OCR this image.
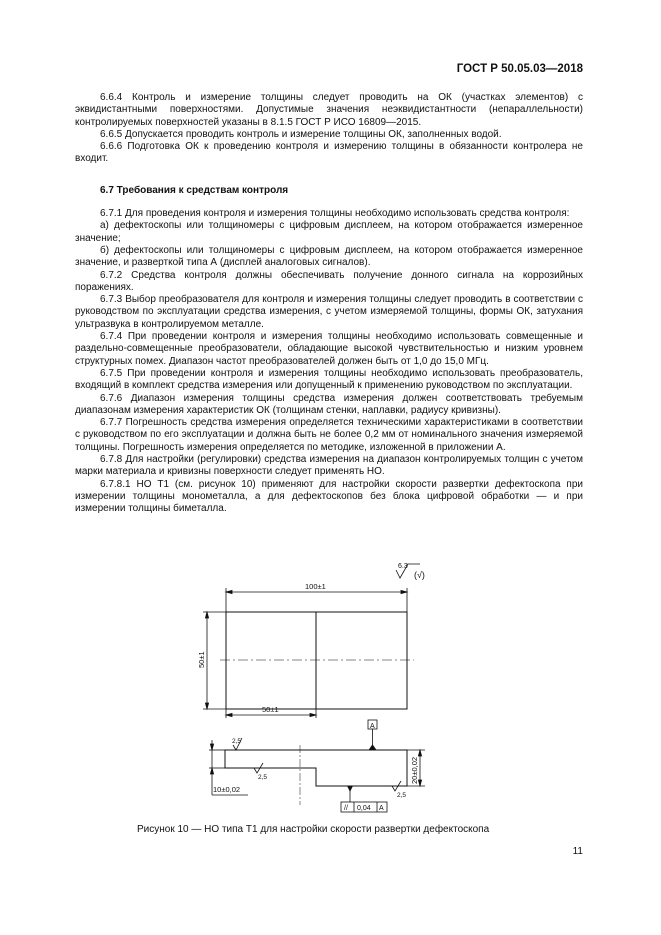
ГОСТ Р 50.05.03—2018

6.6.4 Контроль и измерение толщины следует проводить на ОК (участках элементов) с эквидистантными поверхностями. Допустимые значения неэквидистантности (непараллельности) контролируемых поверхностей указаны в 8.1.5 ГОСТ Р ИСО 16809—2015.

6.6.5 Допускается проводить контроль и измерение толщины ОК, заполненных водой.

6.6.6 Подготовка ОК к проведению контроля и измерению толщины в обязанности контролера не входит.

6.7 Требования к средствам контроля

6.7.1 Для проведения контроля и измерения толщины необходимо использовать средства контроля:

а) дефектоскопы или толщиномеры с цифровым дисплеем, на котором отображается измеренное значение;

б) дефектоскопы или толщиномеры с цифровым дисплеем, на котором отображается измеренное значение, и разверткой типа А (дисплей аналоговых сигналов).

6.7.2 Средства контроля должны обеспечивать получение донного сигнала на коррозийных поражениях.

6.7.3 Выбор преобразователя для контроля и измерения толщины следует проводить в соответствии с руководством по эксплуатации средства измерения, с учетом измеряемой толщины, формы ОК, затухания ультразвука в контролируемом металле.

6.7.4 При проведении контроля и измерения толщины необходимо использовать совмещенные и раздельно-совмещенные преобразователи, обладающие высокой чувствительностью и низким уровнем структурных помех. Диапазон частот преобразователей должен быть от 1,0 до 15,0 МГц.

6.7.5 При проведении контроля и измерения толщины необходимо использовать преобразователь, входящий в комплект средства измерения или допущенный к применению руководством по эксплуатации.

6.7.6 Диапазон измерения толщины средства измерения должен соответствовать требуемым диапазонам измерения характеристик ОК (толщинам стенки, наплавки, радиусу кривизны).

6.7.7 Погрешность средства измерения определяется техническими характеристиками в соответствии с руководством по его эксплуатации и должна быть не более 0,2 мм от номинального значения измеряемой толщины. Погрешность измерения определяется по методике, изложенной в приложении А.

6.7.8 Для настройки (регулировки) средства измерения на диапазон контролируемых толщин с учетом марки материала и кривизны поверхности следует применять НО.

6.7.8.1 НО Т1 (см. рисунок 10) применяют для настройки скорости развертки дефектоскопа при измерении толщины монометалла, а для дефектоскопов без блока цифровой обработки — и при измерении толщины биметалла.

6.3
(√)
100±1
50±1
50±1
A
2,5
2,5
2,5
10±0,02
20±0,02
// 0,04 A
Рисунок 10 — НО типа Т1 для настройки скорости развертки дефектоскопа
11
